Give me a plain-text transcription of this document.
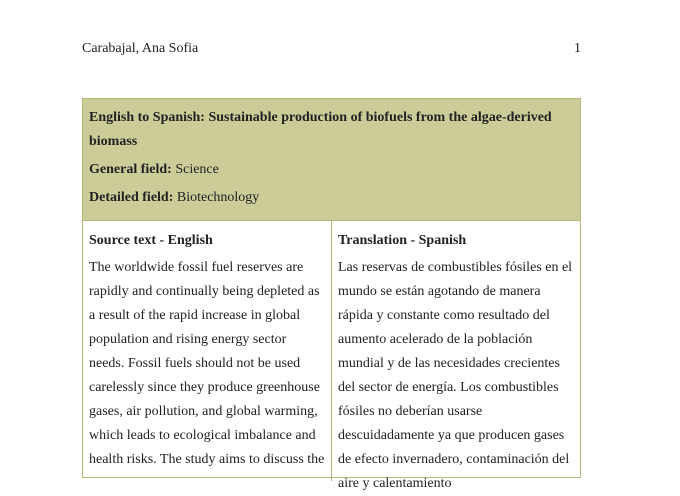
Carabajal, Ana Sofia	1
English to Spanish: Sustainable production of biofuels from the algae-derived biomass
General field: Science
Detailed field: Biotechnology
Source text - English

The worldwide fossil fuel reserves are rapidly and continually being depleted as a result of the rapid increase in global population and rising energy sector needs. Fossil fuels should not be used carelessly since they produce greenhouse gases, air pollution, and global warming, which leads to ecological imbalance and health risks. The study aims to discuss the

Translation - Spanish

Las reservas de combustibles fósiles en el mundo se están agotando de manera rápida y constante como resultado del aumento acelerado de la población mundial y de las necesidades crecientes del sector de energía. Los combustibles fósiles no deberían usarse descuidadamente ya que producen gases de efecto invernadero, contaminación del aire y calentamiento
